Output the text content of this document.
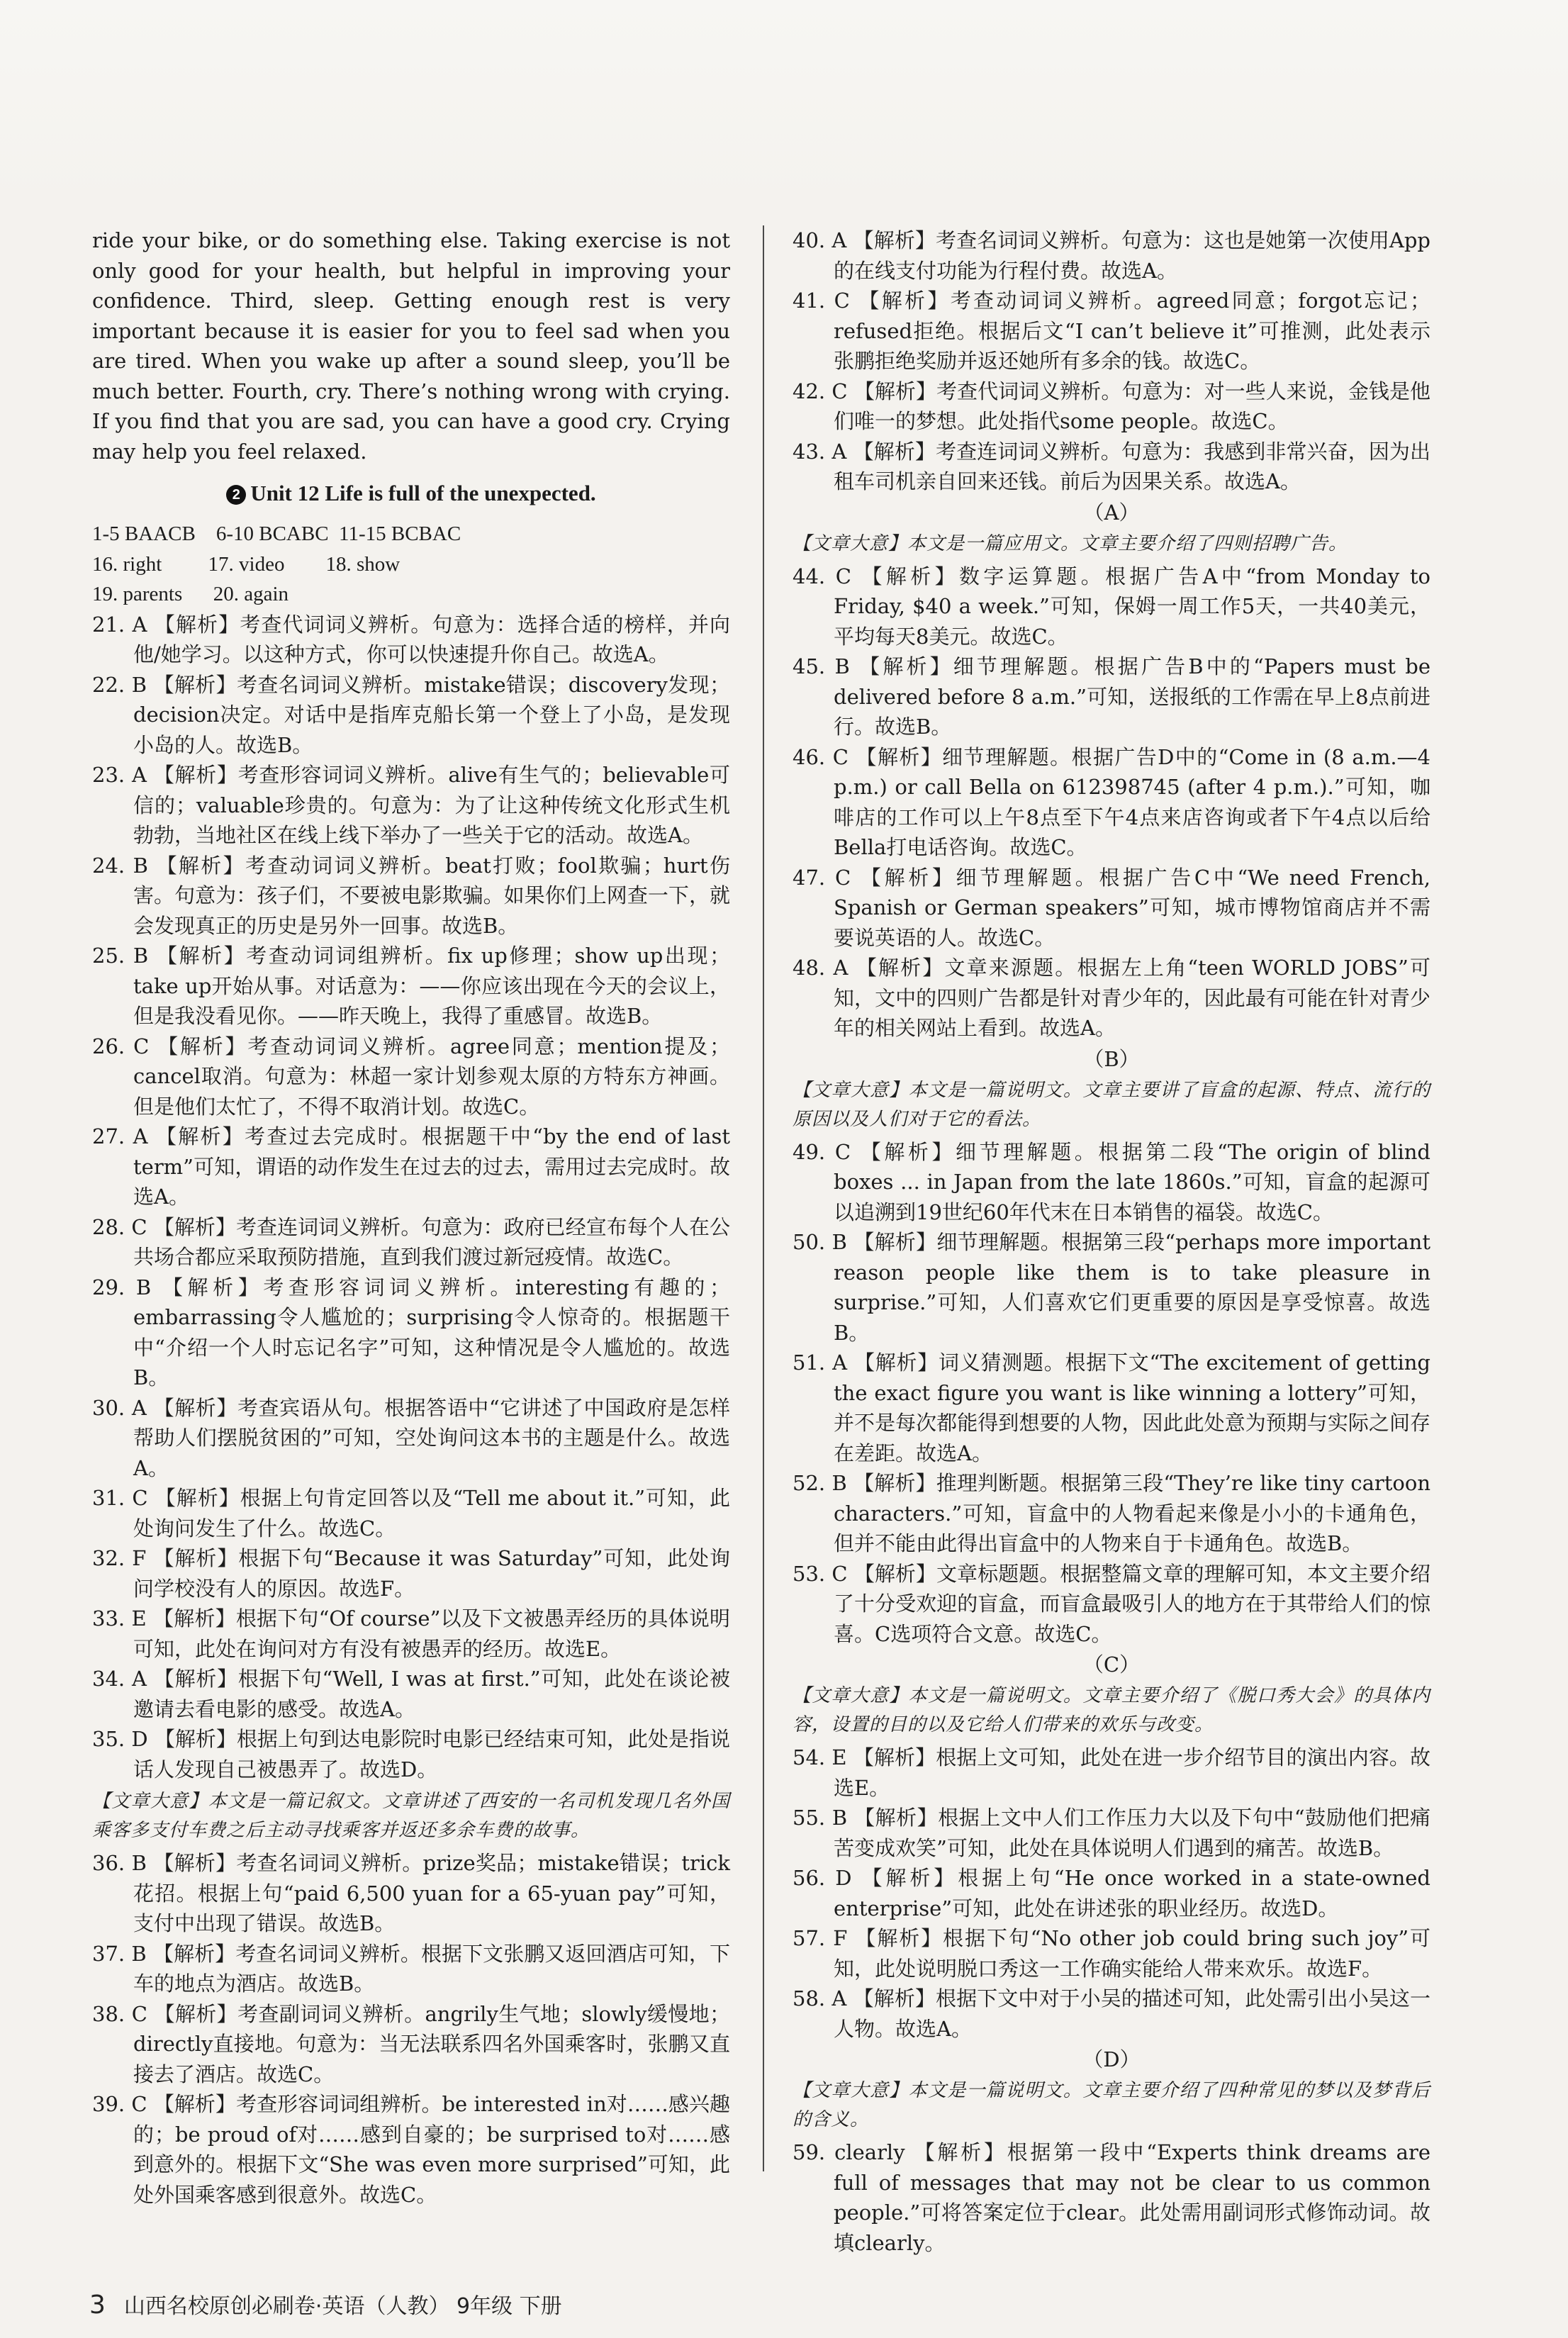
ride your bike, or do something else. Taking exercise is not only good for your health, but helpful in improving your confidence. Third, sleep. Getting enough rest is very important because it is easier for you to feel sad when you are tired. When you wake up after a sound sleep, you’ll be much better. Fourth, cry. There’s nothing wrong with crying. If you find that you are sad, you can have a good cry. Crying may help you feel relaxed.

2 Unit 12 Life is full of the unexpected.

1-5 BAACB    6-10 BCABC  11-15 BCBAC

16. right         17. video        18. show

19. parents      20. again

21. A 【解析】考查代词词义辨析。句意为：选择合适的榜样，并向他/她学习。以这种方式，你可以快速提升你自己。故选A。

22. B 【解析】考查名词词义辨析。mistake错误；discovery发现；decision决定。对话中是指库克船长第一个登上了小岛，是发现小岛的人。故选B。

23. A 【解析】考查形容词词义辨析。alive有生气的；believable可信的；valuable珍贵的。句意为：为了让这种传统文化形式生机勃勃，当地社区在线上线下举办了一些关于它的活动。故选A。

24. B 【解析】考查动词词义辨析。beat打败；fool欺骗；hurt伤害。句意为：孩子们，不要被电影欺骗。如果你们上网查一下，就会发现真正的历史是另外一回事。故选B。

25. B 【解析】考查动词词组辨析。fix up修理；show up出现；take up开始从事。对话意为：——你应该出现在今天的会议上，但是我没看见你。——昨天晚上，我得了重感冒。故选B。

26. C 【解析】考查动词词义辨析。agree同意；mention提及；cancel取消。句意为：林超一家计划参观太原的方特东方神画。但是他们太忙了，不得不取消计划。故选C。

27. A 【解析】考查过去完成时。根据题干中“by the end of last term”可知，谓语的动作发生在过去的过去，需用过去完成时。故选A。

28. C 【解析】考查连词词义辨析。句意为：政府已经宣布每个人在公共场合都应采取预防措施，直到我们渡过新冠疫情。故选C。

29. B 【解析】考查形容词词义辨析。interesting有趣的；embarrassing令人尴尬的；surprising令人惊奇的。根据题干中“介绍一个人时忘记名字”可知，这种情况是令人尴尬的。故选B。

30. A 【解析】考查宾语从句。根据答语中“它讲述了中国政府是怎样帮助人们摆脱贫困的”可知，空处询问这本书的主题是什么。故选A。

31. C 【解析】根据上句肯定回答以及“Tell me about it.”可知，此处询问发生了什么。故选C。

32. F 【解析】根据下句“Because it was Saturday”可知，此处询问学校没有人的原因。故选F。

33. E 【解析】根据下句“Of course”以及下文被愚弄经历的具体说明可知，此处在询问对方有没有被愚弄的经历。故选E。

34. A 【解析】根据下句“Well, I was at first.”可知，此处在谈论被邀请去看电影的感受。故选A。

35. D 【解析】根据上句到达电影院时电影已经结束可知，此处是指说话人发现自己被愚弄了。故选D。

【文章大意】本文是一篇记叙文。文章讲述了西安的一名司机发现几名外国乘客多支付车费之后主动寻找乘客并返还多余车费的故事。

36. B 【解析】考查名词词义辨析。prize奖品；mistake错误；trick花招。根据上句“paid 6,500 yuan for a 65-yuan pay”可知，支付中出现了错误。故选B。

37. B 【解析】考查名词词义辨析。根据下文张鹏又返回酒店可知，下车的地点为酒店。故选B。

38. C 【解析】考查副词词义辨析。angrily生气地；slowly缓慢地；directly直接地。句意为：当无法联系四名外国乘客时，张鹏又直接去了酒店。故选C。

39. C 【解析】考查形容词词组辨析。be interested in对……感兴趣的；be proud of对……感到自豪的；be surprised to对……感到意外的。根据下文“She was even more surprised”可知，此处外国乘客感到很意外。故选C。

40. A 【解析】考查名词词义辨析。句意为：这也是她第一次使用App的在线支付功能为行程付费。故选A。

41. C 【解析】考查动词词义辨析。agreed同意；forgot忘记；refused拒绝。根据后文“I can’t believe it”可推测，此处表示张鹏拒绝奖励并返还她所有多余的钱。故选C。

42. C 【解析】考查代词词义辨析。句意为：对一些人来说，金钱是他们唯一的梦想。此处指代some people。故选C。

43. A 【解析】考查连词词义辨析。句意为：我感到非常兴奋，因为出租车司机亲自回来还钱。前后为因果关系。故选A。

（A）

【文章大意】本文是一篇应用文。文章主要介绍了四则招聘广告。

44. C 【解析】数字运算题。根据广告A中“from Monday to Friday, $40 a week.”可知，保姆一周工作5天，一共40美元，平均每天8美元。故选C。

45. B 【解析】细节理解题。根据广告B中的“Papers must be delivered before 8 a.m.”可知，送报纸的工作需在早上8点前进行。故选B。

46. C 【解析】细节理解题。根据广告D中的“Come in (8 a.m.—4 p.m.) or call Bella on 612398745 (after 4 p.m.).”可知，咖啡店的工作可以上午8点至下午4点来店咨询或者下午4点以后给Bella打电话咨询。故选C。

47. C 【解析】细节理解题。根据广告C中“We need French, Spanish or German speakers”可知，城市博物馆商店并不需要说英语的人。故选C。

48. A 【解析】文章来源题。根据左上角“teen WORLD JOBS”可知，文中的四则广告都是针对青少年的，因此最有可能在针对青少年的相关网站上看到。故选A。

（B）

【文章大意】本文是一篇说明文。文章主要讲了盲盒的起源、特点、流行的原因以及人们对于它的看法。

49. C 【解析】细节理解题。根据第二段“The origin of blind boxes ... in Japan from the late 1860s.”可知，盲盒的起源可以追溯到19世纪60年代末在日本销售的福袋。故选C。

50. B 【解析】细节理解题。根据第三段“perhaps more important reason people like them is to take pleasure in surprise.”可知，人们喜欢它们更重要的原因是享受惊喜。故选B。

51. A 【解析】词义猜测题。根据下文“The excitement of getting the exact figure you want is like winning a lottery”可知，并不是每次都能得到想要的人物，因此此处意为预期与实际之间存在差距。故选A。

52. B 【解析】推理判断题。根据第三段“They’re like tiny cartoon characters.”可知，盲盒中的人物看起来像是小小的卡通角色，但并不能由此得出盲盒中的人物来自于卡通角色。故选B。

53. C 【解析】文章标题题。根据整篇文章的理解可知，本文主要介绍了十分受欢迎的盲盒，而盲盒最吸引人的地方在于其带给人们的惊喜。C选项符合文意。故选C。

（C）

【文章大意】本文是一篇说明文。文章主要介绍了《脱口秀大会》的具体内容，设置的目的以及它给人们带来的欢乐与改变。

54. E 【解析】根据上文可知，此处在进一步介绍节目的演出内容。故选E。

55. B 【解析】根据上文中人们工作压力大以及下句中“鼓励他们把痛苦变成欢笑”可知，此处在具体说明人们遇到的痛苦。故选B。

56. D 【解析】根据上句“He once worked in a state-owned enterprise”可知，此处在讲述张的职业经历。故选D。

57. F 【解析】根据下句“No other job could bring such joy”可知，此处说明脱口秀这一工作确实能给人带来欢乐。故选F。

58. A 【解析】根据下文中对于小吴的描述可知，此处需引出小吴这一人物。故选A。

（D）

【文章大意】本文是一篇说明文。文章主要介绍了四种常见的梦以及梦背后的含义。

59. clearly 【解析】根据第一段中“Experts think dreams are full of messages that may not be clear to us common people.”可将答案定位于clear。此处需用副词形式修饰动词。故填clearly。

3 山西名校原创必刷卷·英语（人教） 9年级 下册
